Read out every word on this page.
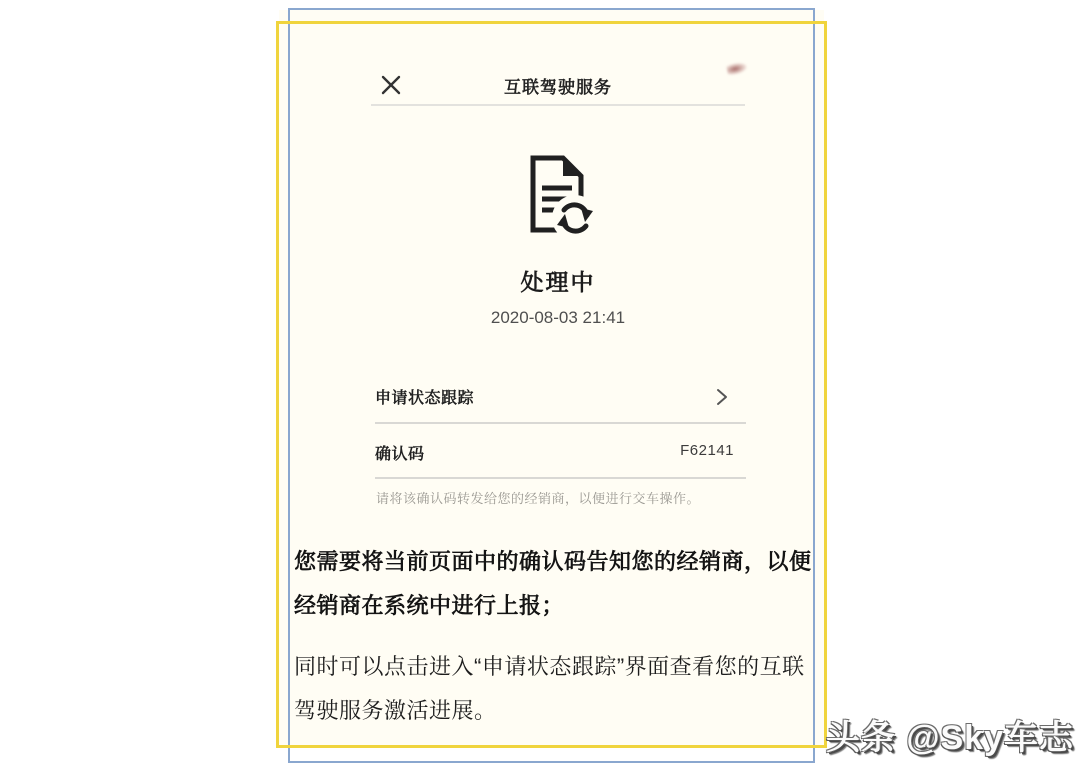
互联驾驶服务
处理中
2020-08-03 21:41
申请状态跟踪
确认码	F62141
请将该确认码转发给您的经销商，以便进行交车操作。

您需要将当前页面中的确认码告知您的经销商，以便经销商在系统中进行上报；

同时可以点击进入“申请状态跟踪”界面查看您的互联驾驶服务激活进展。

头条 @Sky车志
